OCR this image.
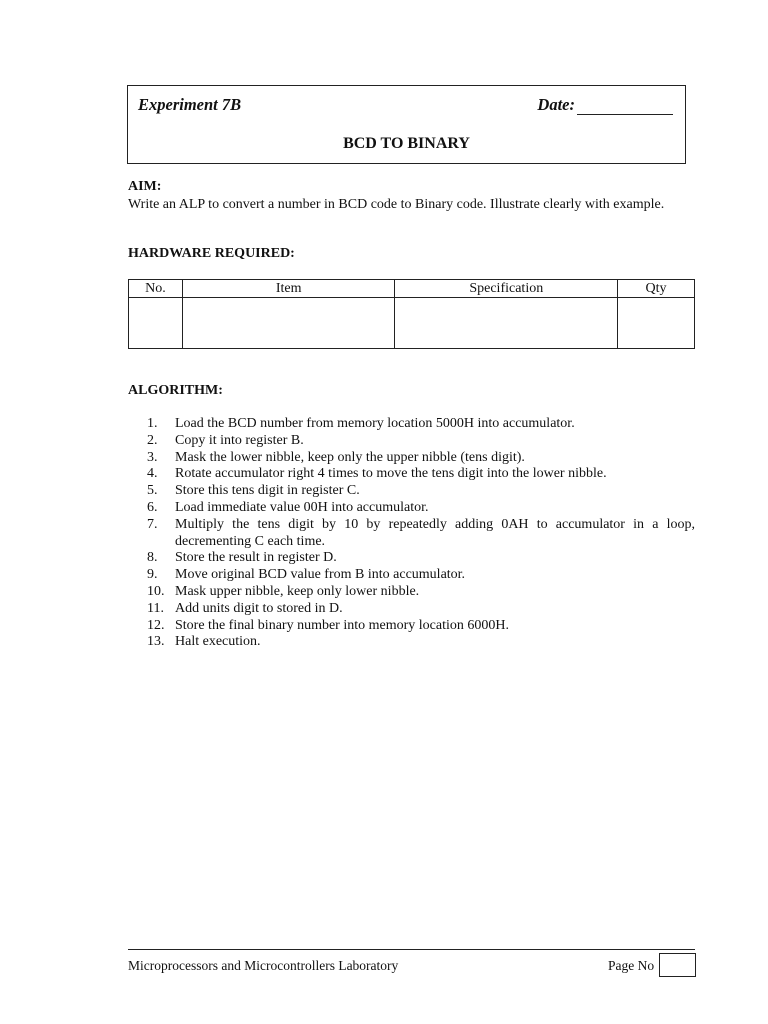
Experiment 7B	Date:
BCD TO BINARY
AIM:
Write an ALP to convert a number in BCD code to Binary code. Illustrate clearly with example.
HARDWARE REQUIRED:
No.	Item	Specification	Qty

ALGORITHM:
1.	Load the BCD number from memory location 5000H into accumulator.
2.	Copy it into register B.
3.	Mask the lower nibble, keep only the upper nibble (tens digit).
4.	Rotate accumulator right 4 times to move the tens digit into the lower nibble.
5.	Store this tens digit in register C.
6.	Load immediate value 00H into accumulator.
7.	Multiply the tens digit by 10 by repeatedly adding 0AH to accumulator in a loop, decrementing C each time.
8.	Store the result in register D.
9.	Move original BCD value from B into accumulator.
10. Mask upper nibble, keep only lower nibble.
11. Add units digit to stored in D.
12. Store the final binary number into memory location 6000H.
13. Halt execution.
Microprocessors and Microcontrollers Laboratory	Page No
